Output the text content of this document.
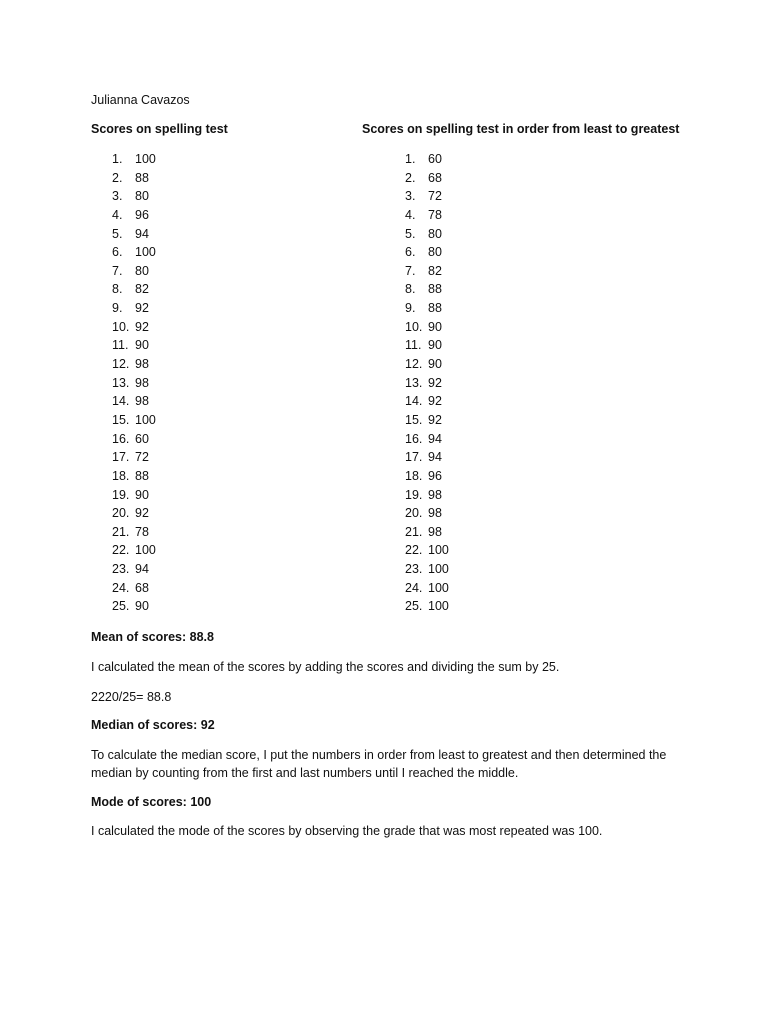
Julianna Cavazos
Scores on spelling test	Scores on spelling test in order from least to greatest
1. 100
2. 88
3. 80
4. 96
5. 94
6. 100
7. 80
8. 82
9. 92
10. 92
11. 90
12. 98
13. 98
14. 98
15. 100
16. 60
17. 72
18. 88
19. 90
20. 92
21. 78
22. 100
23. 94
24. 68
25. 90
1. 60
2. 68
3. 72
4. 78
5. 80
6. 80
7. 82
8. 88
9. 88
10. 90
11. 90
12. 90
13. 92
14. 92
15. 92
16. 94
17. 94
18. 96
19. 98
20. 98
21. 98
22. 100
23. 100
24. 100
25. 100
Mean of scores: 88.8
I calculated the mean of the scores by adding the scores and dividing the sum by 25.
2220/25= 88.8
Median of scores: 92
To calculate the median score, I put the numbers in order from least to greatest and then determined the median by counting from the first and last numbers until I reached the middle.
Mode of scores: 100
I calculated the mode of the scores by observing the grade that was most repeated was 100.
